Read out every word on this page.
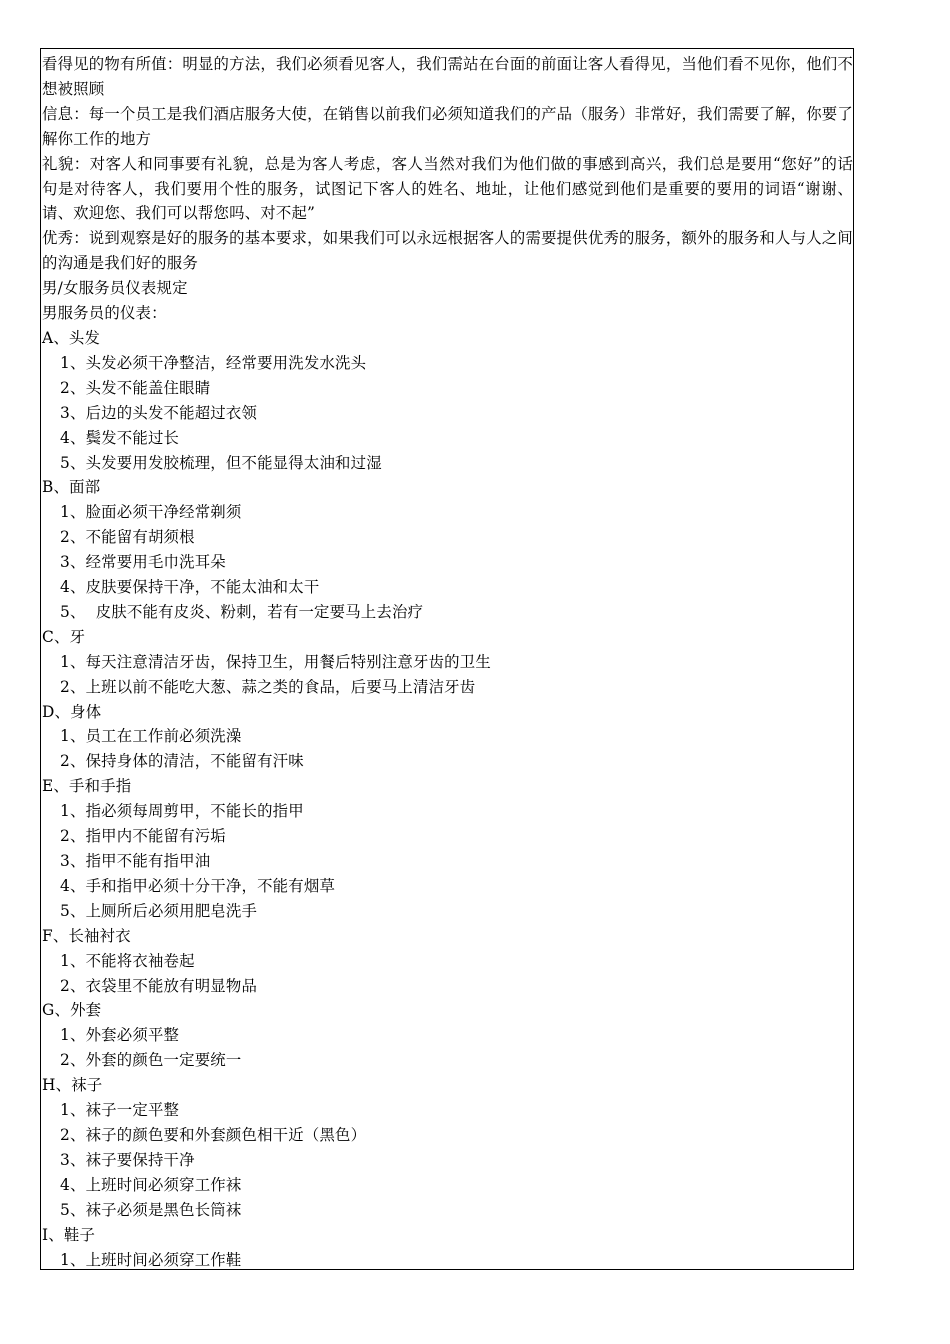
看得见的物有所值：明显的方法，我们必须看见客人，我们需站在台面的前面让客人看得见，当他们看不见你，他们不想被照顾

信息：每一个员工是我们酒店服务大使，在销售以前我们必须知道我们的产品（服务）非常好，我们需要了解，你要了解你工作的地方

礼貌：对客人和同事要有礼貌，总是为客人考虑，客人当然对我们为他们做的事感到高兴，我们总是要用“您好”的话句是对待客人，我们要用个性的服务，试图记下客人的姓名、地址，让他们感觉到他们是重要的要用的词语“谢谢、请、欢迎您、我们可以帮您吗、对不起”

优秀：说到观察是好的服务的基本要求，如果我们可以永远根据客人的需要提供优秀的服务，额外的服务和人与人之间的沟通是我们好的服务

男/女服务员仪表规定

男服务员的仪表：

A、头发

1、头发必须干净整洁，经常要用洗发水洗头

2、头发不能盖住眼睛

3、后边的头发不能超过衣领

4、鬓发不能过长

5、头发要用发胶梳理，但不能显得太油和过湿

B、面部

1、脸面必须干净经常剃须

2、不能留有胡须根

3、经常要用毛巾洗耳朵

4、皮肤要保持干净，不能太油和太干

5、  皮肤不能有皮炎、粉刺，若有一定要马上去治疗

C、牙

1、每天注意清洁牙齿，保持卫生，用餐后特别注意牙齿的卫生

2、上班以前不能吃大葱、蒜之类的食品，后要马上清洁牙齿

D、身体

1、员工在工作前必须洗澡

2、保持身体的清洁，不能留有汗味

E、手和手指

1、指必须每周剪甲，不能长的指甲

2、指甲内不能留有污垢

3、指甲不能有指甲油

4、手和指甲必须十分干净，不能有烟草

5、上厕所后必须用肥皂洗手

F、长袖衬衣

1、不能将衣袖卷起

2、衣袋里不能放有明显物品

G、外套

1、外套必须平整

2、外套的颜色一定要统一

H、袜子

1、袜子一定平整

2、袜子的颜色要和外套颜色相干近（黑色）

3、袜子要保持干净

4、上班时间必须穿工作袜

5、袜子必须是黑色长筒袜

I、鞋子

1、上班时间必须穿工作鞋
